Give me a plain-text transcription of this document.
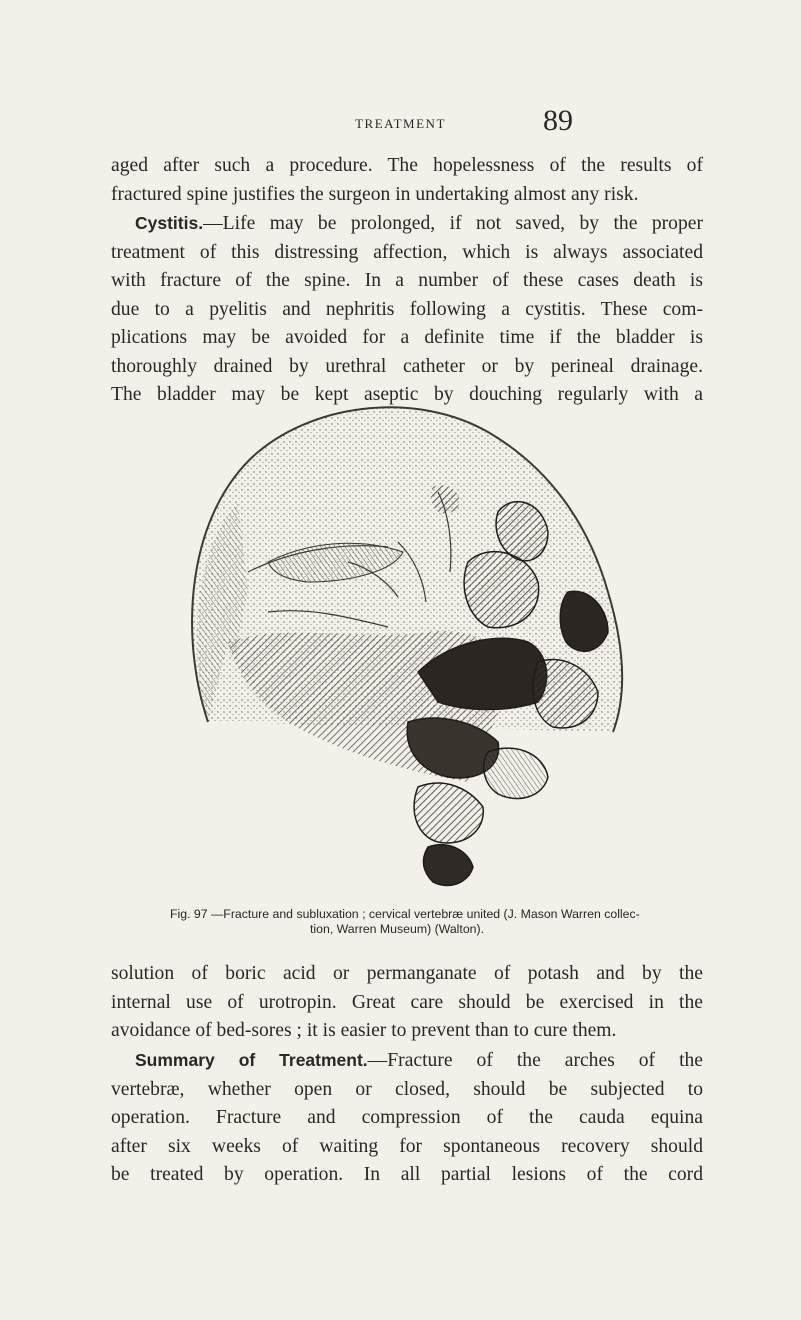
TREATMENT	89

aged after such a procedure. The hopelessness of the results of
fractured spine justifies the surgeon in undertaking almost any risk.

Cystitis.—Life may be prolonged, if not saved, by the proper
treatment of this distressing affection, which is always associated
with fracture of the spine. In a number of these cases death is
due to a pyelitis and nephritis following a cystitis. These com-
plications may be avoided for a definite time if the bladder is
thoroughly drained by urethral catheter or by perineal drainage.
The bladder may be kept aseptic by douching regularly with a

Fig. 97 —Fracture and subluxation ; cervical vertebræ united (J. Mason Warren collec-
tion, Warren Museum) (Walton).

solution of boric acid or permanganate of potash and by the
internal use of urotropin. Great care should be exercised in the
avoidance of bed-sores ; it is easier to prevent than to cure them.

Summary of Treatment.—Fracture of the arches of the
vertebræ, whether open or closed, should be subjected to
operation. Fracture and compression of the cauda equina
after six weeks of waiting for spontaneous recovery should
be treated by operation. In all partial lesions of the cord
